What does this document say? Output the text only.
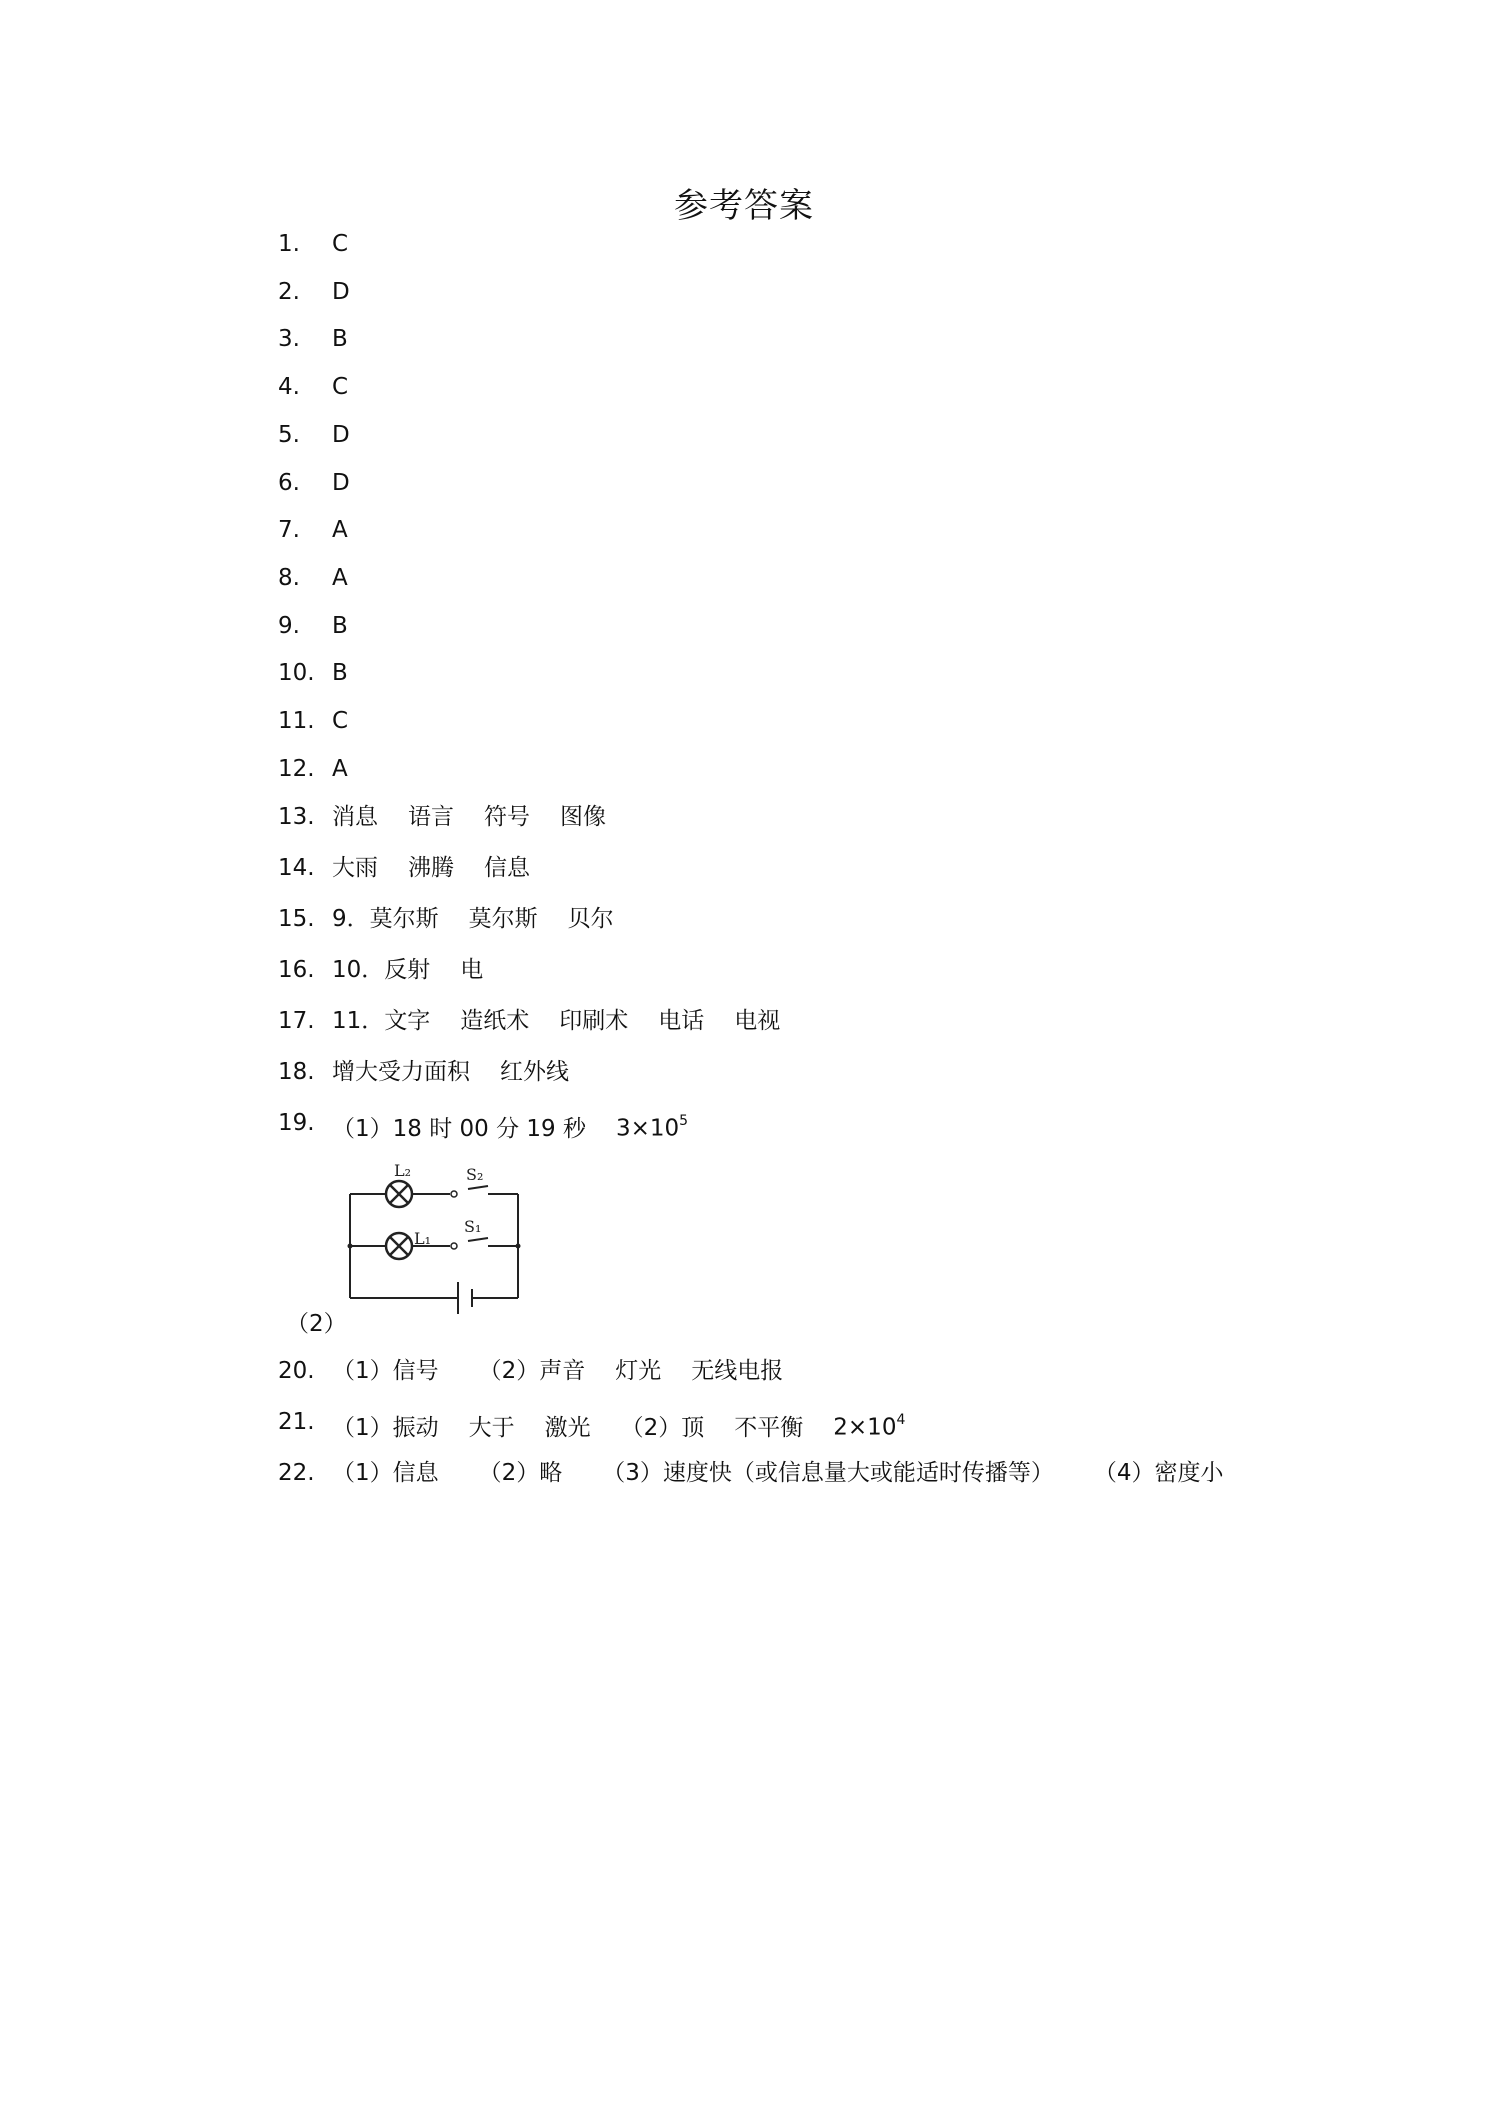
参考答案
1. C
2. D
3. B
4. C
5. D
6. D
7. A
8. A
9. B
10. B
11. C
12. A
13. 消息 语言 符号 图像
14. 大雨 沸腾 信息
15. 9．莫尔斯 莫尔斯 贝尔
16. 10．反射 电
17. 11．文字 造纸术 印刷术 电话 电视
18. 增大受力面积 红外线
19. （1）18 时 00 分 19 秒 $3\times 10^5$
L₂
L₁
S₂
S₁
（2）
20. （1）信号 （2）声音 灯光 无线电报
21. （1）振动 大于 激光 （2）顶 不平衡 $2\times 10^4$
22. （1）信息 （2）略 （3）速度快（或信息量大或能适时传播等） （4）密度小
